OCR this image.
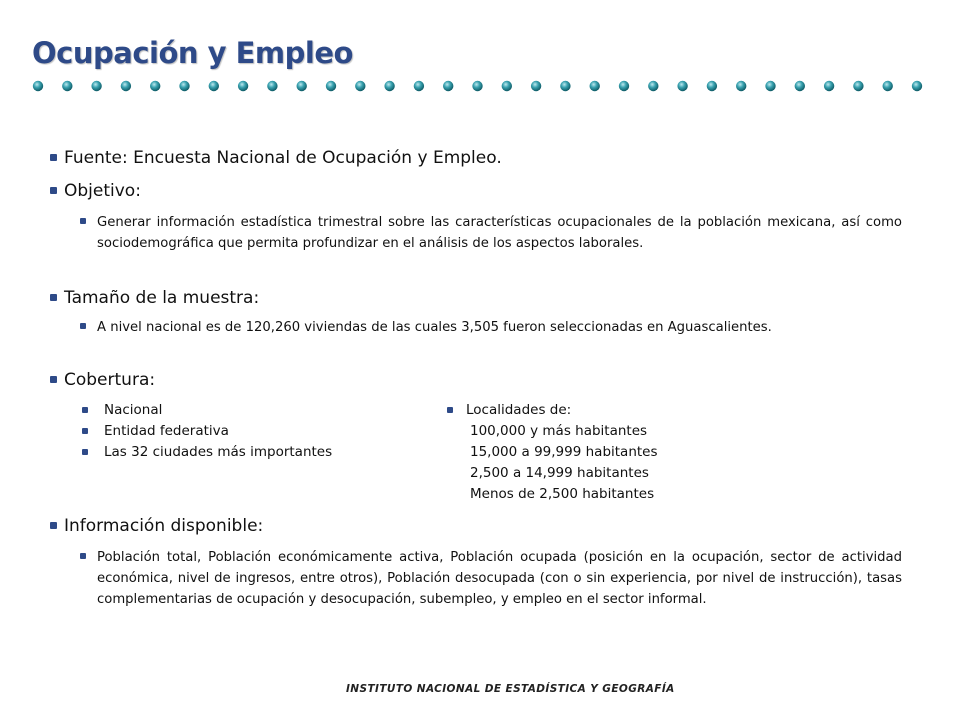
Ocupación y Empleo
Fuente: Encuesta Nacional de Ocupación y Empleo.
Objetivo:
Generar información estadística trimestral sobre las características ocupacionales de la población mexicana, así como sociodemográfica que permita profundizar en el análisis de los aspectos laborales.
Tamaño de la muestra:
A nivel nacional es de 120,260 viviendas de las cuales 3,505 fueron seleccionadas en Aguascalientes.
Cobertura:
Nacional
Entidad federativa
Las 32 ciudades más importantes
Localidades de:
100,000 y más habitantes
15,000 a 99,999 habitantes
2,500 a 14,999 habitantes
Menos de 2,500 habitantes
Información disponible:
Población total, Población económicamente activa, Población ocupada (posición en la ocupación, sector de actividad económica, nivel de ingresos, entre otros), Población desocupada (con o sin experiencia, por nivel de instrucción), tasas complementarias de ocupación y desocupación, subempleo, y empleo en el sector informal.
INSTITUTO NACIONAL DE ESTADÍSTICA Y GEOGRAFÍA
